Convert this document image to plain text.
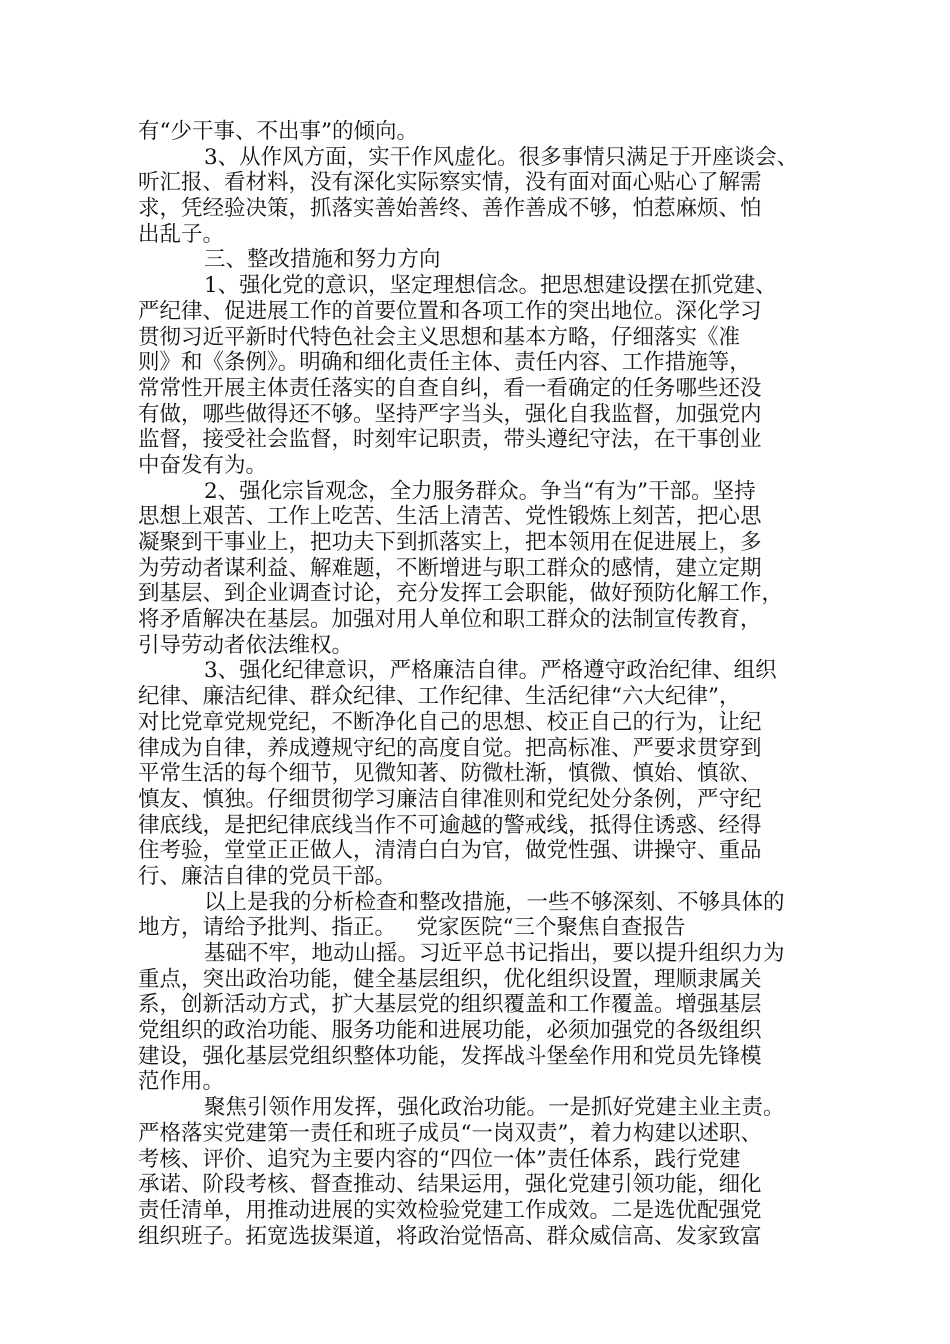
有“少干事、不出事”的倾向。
3、从作风方面，实干作风虚化。很多事情只满足于开座谈会、
听汇报、看材料，没有深化实际察实情，没有面对面心贴心了解需
求，凭经验决策，抓落实善始善终、善作善成不够，怕惹麻烦、怕
出乱子。
三、整改措施和努力方向
1、强化党的意识，坚定理想信念。把思想建设摆在抓党建、
严纪律、促进展工作的首要位置和各项工作的突出地位。深化学习
贯彻习近平新时代特色社会主义思想和基本方略，仔细落实《准
则》和《条例》。明确和细化责任主体、责任内容、工作措施等，
常常性开展主体责任落实的自查自纠，看一看确定的任务哪些还没
有做，哪些做得还不够。坚持严字当头，强化自我监督，加强党内
监督，接受社会监督，时刻牢记职责，带头遵纪守法，在干事创业
中奋发有为。
2、强化宗旨观念，全力服务群众。争当“有为”干部。坚持
思想上艰苦、工作上吃苦、生活上清苦、党性锻炼上刻苦，把心思
凝聚到干事业上，把功夫下到抓落实上，把本领用在促进展上，多
为劳动者谋利益、解难题，不断增进与职工群众的感情，建立定期
到基层、到企业调查讨论，充分发挥工会职能，做好预防化解工作，
将矛盾解决在基层。加强对用人单位和职工群众的法制宣传教育，
引导劳动者依法维权。
3、强化纪律意识，严格廉洁自律。严格遵守政治纪律、组织
纪律、廉洁纪律、群众纪律、工作纪律、生活纪律“六大纪律”，
对比党章党规党纪，不断净化自己的思想、校正自己的行为，让纪
律成为自律，养成遵规守纪的高度自觉。把高标准、严要求贯穿到
平常生活的每个细节，见微知著、防微杜渐，慎微、慎始、慎欲、
慎友、慎独。仔细贯彻学习廉洁自律准则和党纪处分条例，严守纪
律底线，是把纪律底线当作不可逾越的警戒线，抵得住诱惑、经得
住考验，堂堂正正做人，清清白白为官，做党性强、讲操守、重品
行、廉洁自律的党员干部。
以上是我的分析检查和整改措施，一些不够深刻、不够具体的
地方，请给予批判、指正。   党家医院“三个聚焦自查报告
基础不牢，地动山摇。习近平总书记指出，要以提升组织力为
重点，突出政治功能，健全基层组织，优化组织设置，理顺隶属关
系，创新活动方式，扩大基层党的组织覆盖和工作覆盖。增强基层
党组织的政治功能、服务功能和进展功能，必须加强党的各级组织
建设，强化基层党组织整体功能，发挥战斗堡垒作用和党员先锋模
范作用。
聚焦引领作用发挥，强化政治功能。一是抓好党建主业主责。
严格落实党建第一责任和班子成员“一岗双责”，着力构建以述职、
考核、评价、追究为主要内容的“四位一体”责任体系，践行党建
承诺、阶段考核、督查推动、结果运用，强化党建引领功能，细化
责任清单，用推动进展的实效检验党建工作成效。二是选优配强党
组织班子。拓宽选拔渠道，将政治觉悟高、群众威信高、发家致富
